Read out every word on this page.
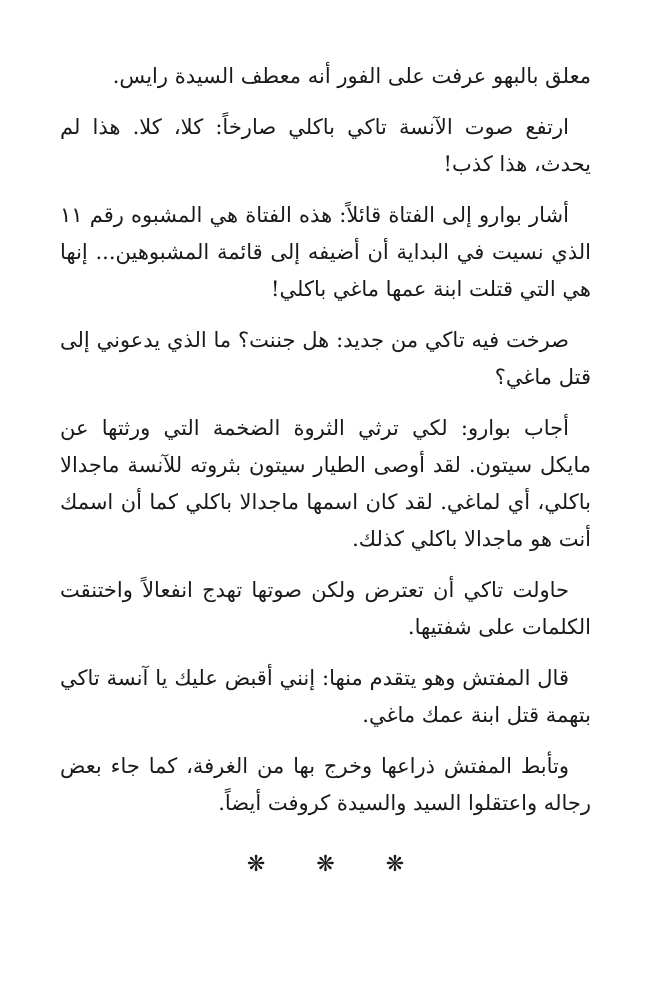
معلق بالبهو عرفت على الفور أنه معطف السيدة رايس.

ارتفع صوت الآنسة تاكي باكلي صارخاً: كلا، كلا. هذا لم يحدث، هذا كذب!

أشار بوارو إلى الفتاة قائلاً: هذه الفتاة هي المشبوه رقم ١١ الذي نسيت في البداية أن أضيفه إلى قائمة المشبوهين... إنها هي التي قتلت ابنة عمها ماغي باكلي!

صرخت فيه تاكي من جديد: هل جننت؟ ما الذي يدعوني إلى قتل ماغي؟

أجاب بوارو: لكي ترثي الثروة الضخمة التي ورثتها عن مايكل سيتون. لقد أوصى الطيار سيتون بثروته للآنسة ماجدالا باكلي، أي لماغي. لقد كان اسمها ماجدالا باكلي كما أن اسمك أنت هو ماجدالا باكلي كذلك.

حاولت تاكي أن تعترض ولكن صوتها تهدج انفعالاً واختنقت الكلمات على شفتيها.

قال المفتش وهو يتقدم منها: إنني أقبض عليك يا آنسة تاكي بتهمة قتل ابنة عمك ماغي.

وتأبط المفتش ذراعها وخرج بها من الغرفة، كما جاء بعض رجاله واعتقلوا السيد والسيدة كروفت أيضاً.

❋ ❋ ❋
